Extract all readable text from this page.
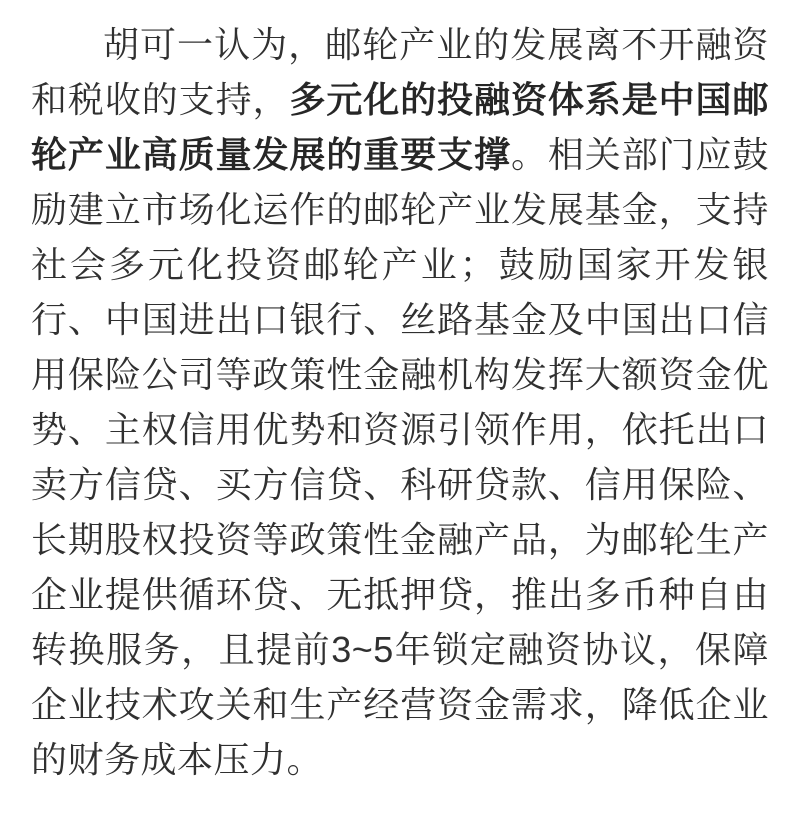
胡可一认为，邮轮产业的发展离不开融资和税收的支持，多元化的投融资体系是中国邮轮产业高质量发展的重要支撑。相关部门应鼓励建立市场化运作的邮轮产业发展基金，支持社会多元化投资邮轮产业；鼓励国家开发银行、中国进出口银行、丝路基金及中国出口信用保险公司等政策性金融机构发挥大额资金优势、主权信用优势和资源引领作用，依托出口卖方信贷、买方信贷、科研贷款、信用保险、长期股权投资等政策性金融产品，为邮轮生产企业提供循环贷、无抵押贷，推出多币种自由转换服务，且提前3~5年锁定融资协议，保障企业技术攻关和生产经营资金需求，降低企业的财务成本压力。
